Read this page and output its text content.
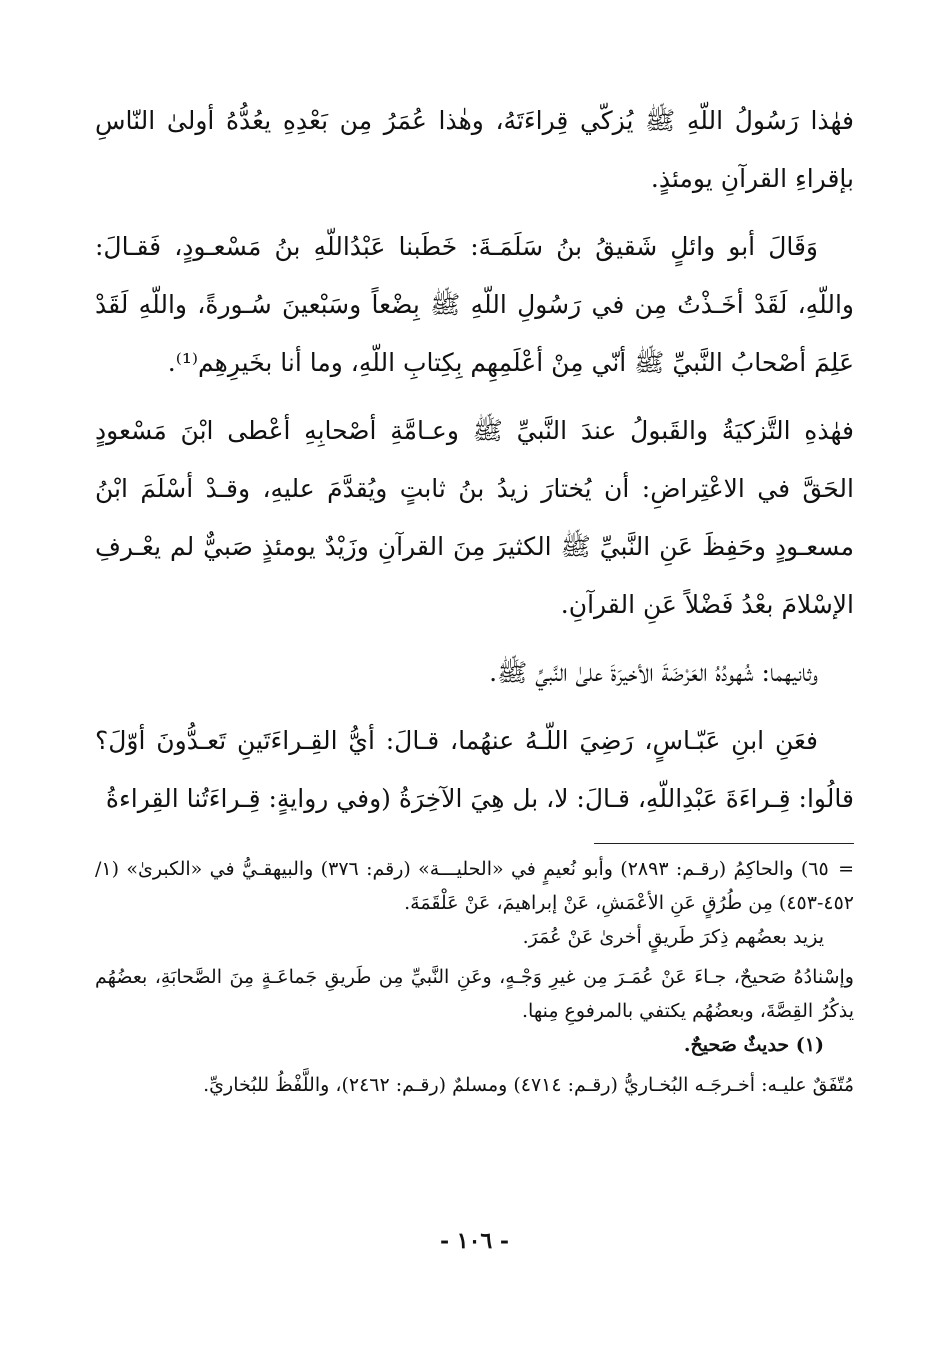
فهٰذا رَسُولُ اللّهِ ﷺ يُزكّي قِراءَتَهُ، وهٰذا عُمَرُ مِن بَعْدِهِ يعُدُّهُ أولىٰ النّاسِ بإقراءِ القرآنِ يومئذٍ.

وَقَالَ أبو وائلٍ شَقيقُ بنُ سَلَمَـةَ: خَطَبنا عَبْدُاللّهِ بنُ مَسْعـودٍ، فَقـالَ: واللّهِ، لَقَدْ أخَـذْتُ مِن في رَسُولِ اللّهِ ﷺ بِضْعاً وسَبْعينَ سُـورةً، واللّهِ لَقَدْ عَلِمَ أصْحابُ النَّبيِّ ﷺ أنّي مِنْ أعْلَمِهِم بِكِتابِ اللّهِ، وما أنا بخَيرِهِم⁽¹⁾.

فهٰذهِ التَّزكيَةُ والقَبولُ عندَ النَّبيِّ ﷺ وعـامَّةِ أصْحابِهِ أعْطى ابْنَ مَسْعودٍ الحَقَّ في الاعْتِراضِ: أن يُختارَ زيدُ بنُ ثابتٍ ويُقدَّمَ عليهِ، وقـدْ أسْلَمَ ابْنُ مسعـودٍ وحَفِظَ عَنِ النَّبيِّ ﷺ الكثيرَ مِنَ القرآنِ وزَيْدٌ يومئذٍ صَبيٌّ لم يعْـرفِ الإسْلامَ بعْدُ فَضْلاً عَنِ القرآنِ.

وثانيهما: شُهودُهُ العَرْضَةَ الأخيرَةَ علىٰ النَّبيِّ ﷺ.

فعَنِ ابنِ عَبّـاسٍ، رَضِيَ اللّـهُ عنهُما، قـالَ: أيُّ القِـراءَتَينِ تَعـدُّونَ أوّلَ؟ قالُوا: قِـراءَةَ عَبْدِاللّهِ، قـالَ: لا، بل هِيَ الآخِرَةُ (وفي روايةٍ: قِـراءَتُنا القِراءةُ

= ٦٥) والحاكِمُ (رقـم: ٢٨٩٣) وأبو نُعيمٍ في «الحليـــة» (رقم: ٣٧٦) والبيهقـيُّ في «الكبرىٰ» (١/ ٤٥٢-٤٥٣) مِن طُرُقٍ عَنِ الأعْمَشِ، عَنْ إبراهيمَ، عَنْ عَلْقَمَةَ.

يزيد بعضُهم ذِكرَ طَريقٍ أخرىٰ عَنْ عُمَرَ.

وإسْنادُهُ صَحيحٌ، جـاءَ عَنْ عُمَـرَ مِن غيرِ وَجْـهٍ، وعَنِ النَّبيِّ مِن طَريقِ جَماعَـةٍ مِنَ الصَّحابَةِ، بعضُهُم يذكُرُ القِصَّةَ، وبعضُهُم يكتفي بالمرفوعِ مِنها.

(١) حديثٌ صَحيحٌ.

مُتّفَقٌ عليـه: أخـرجَـه البُخـاريُّ (رقـم: ٤٧١٤) ومسلمٌ (رقـم: ٢٤٦٢)، واللَّفْظُ للبُخاريِّ.

- ١٠٦ -
